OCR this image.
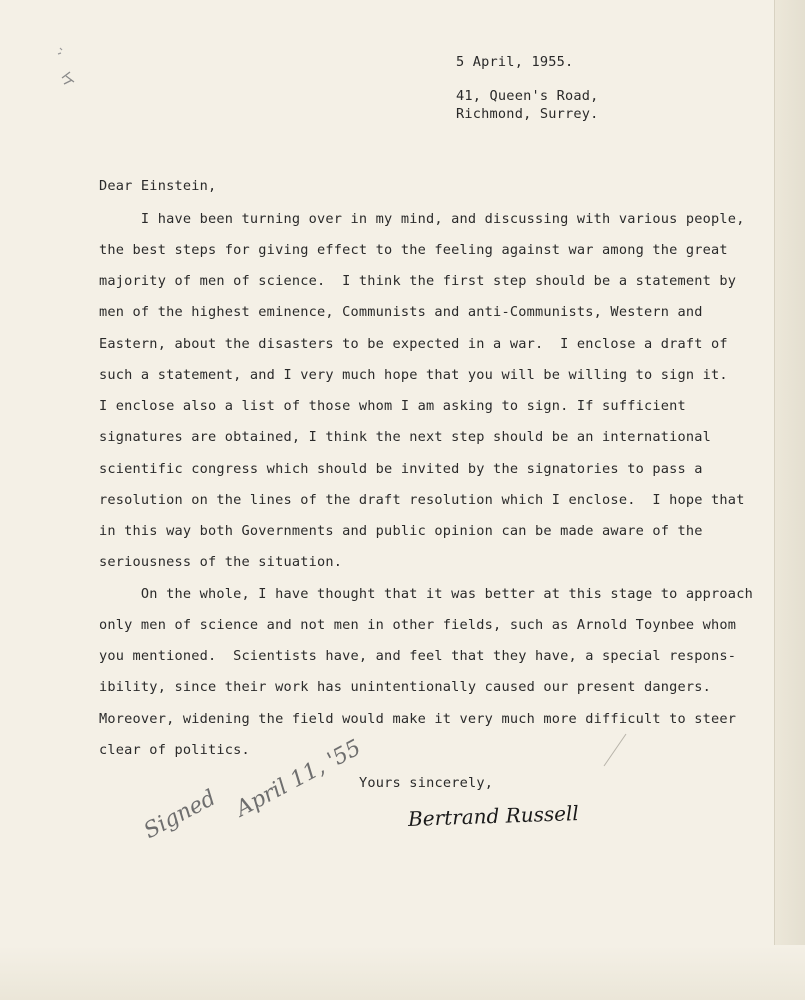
5 April, 1955.
41, Queen's Road,
Richmond, Surrey.
Dear Einstein,
I have been turning over in my mind, and discussing with various people,
the best steps for giving effect to the feeling against war among the great
majority of men of science.  I think the first step should be a statement by
men of the highest eminence, Communists and anti-Communists, Western and
Eastern, about the disasters to be expected in a war.  I enclose a draft of
such a statement, and I very much hope that you will be willing to sign it.
I enclose also a list of those whom I am asking to sign. If sufficient
signatures are obtained, I think the next step should be an international
scientific congress which should be invited by the signatories to pass a
resolution on the lines of the draft resolution which I enclose.  I hope that
in this way both Governments and public opinion can be made aware of the
seriousness of the situation.
On the whole, I have thought that it was better at this stage to approach
only men of science and not men in other fields, such as Arnold Toynbee whom
you mentioned.  Scientists have, and feel that they have, a special respons-
ibility, since their work has unintentionally caused our present dangers.
Moreover, widening the field would make it very much more difficult to steer
clear of politics.
Yours sincerely,
Bertrand Russell
Signed April 11, '55
